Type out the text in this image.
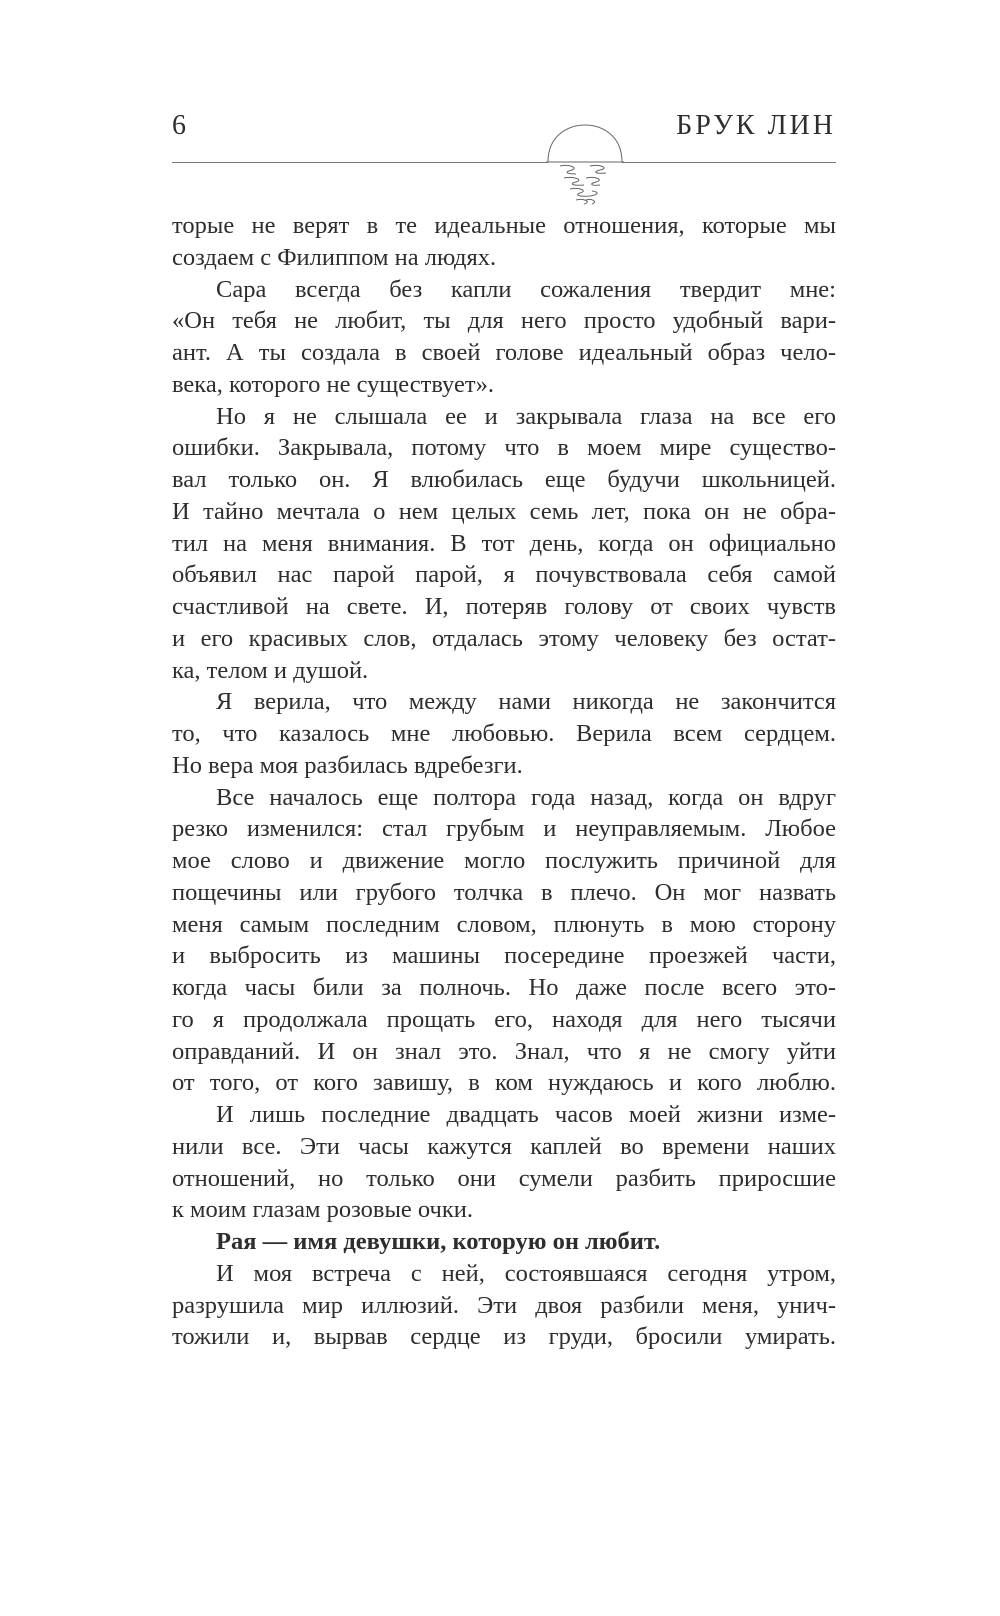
6	БРУК ЛИН
торые не верят в те идеальные отношения, которые мы
создаем с Филиппом на людях.
Сара всегда без капли сожаления твердит мне:
«Он тебя не любит, ты для него просто удобный вари-
ант. А ты создала в своей голове идеальный образ чело-
века, которого не существует».
Но я не слышала ее и закрывала глаза на все его
ошибки. Закрывала, потому что в моем мире существо-
вал только он. Я влюбилась еще будучи школьницей.
И тайно мечтала о нем целых семь лет, пока он не обра-
тил на меня внимания. В тот день, когда он официально
объявил нас парой парой, я почувствовала себя самой
счастливой на свете. И, потеряв голову от своих чувств
и его красивых слов, отдалась этому человеку без остат-
ка, телом и душой.
Я верила, что между нами никогда не закончится
то, что казалось мне любовью. Верила всем сердцем.
Но вера моя разбилась вдребезги.
Все началось еще полтора года назад, когда он вдруг
резко изменился: стал грубым и неуправляемым. Любое
мое слово и движение могло послужить причиной для
пощечины или грубого толчка в плечо. Он мог назвать
меня самым последним словом, плюнуть в мою сторону
и выбросить из машины посередине проезжей части,
когда часы били за полночь. Но даже после всего это-
го я продолжала прощать его, находя для него тысячи
оправданий. И он знал это. Знал, что я не смогу уйти
от того, от кого завишу, в ком нуждаюсь и кого люблю.
И лишь последние двадцать часов моей жизни изме-
нили все. Эти часы кажутся каплей во времени наших
отношений, но только они сумели разбить приросшие
к моим глазам розовые очки.
Рая — имя девушки, которую он любит.
И моя встреча с ней, состоявшаяся сегодня утром,
разрушила мир иллюзий. Эти двоя разбили меня, унич-
тожили и, вырвав сердце из груди, бросили умирать.
